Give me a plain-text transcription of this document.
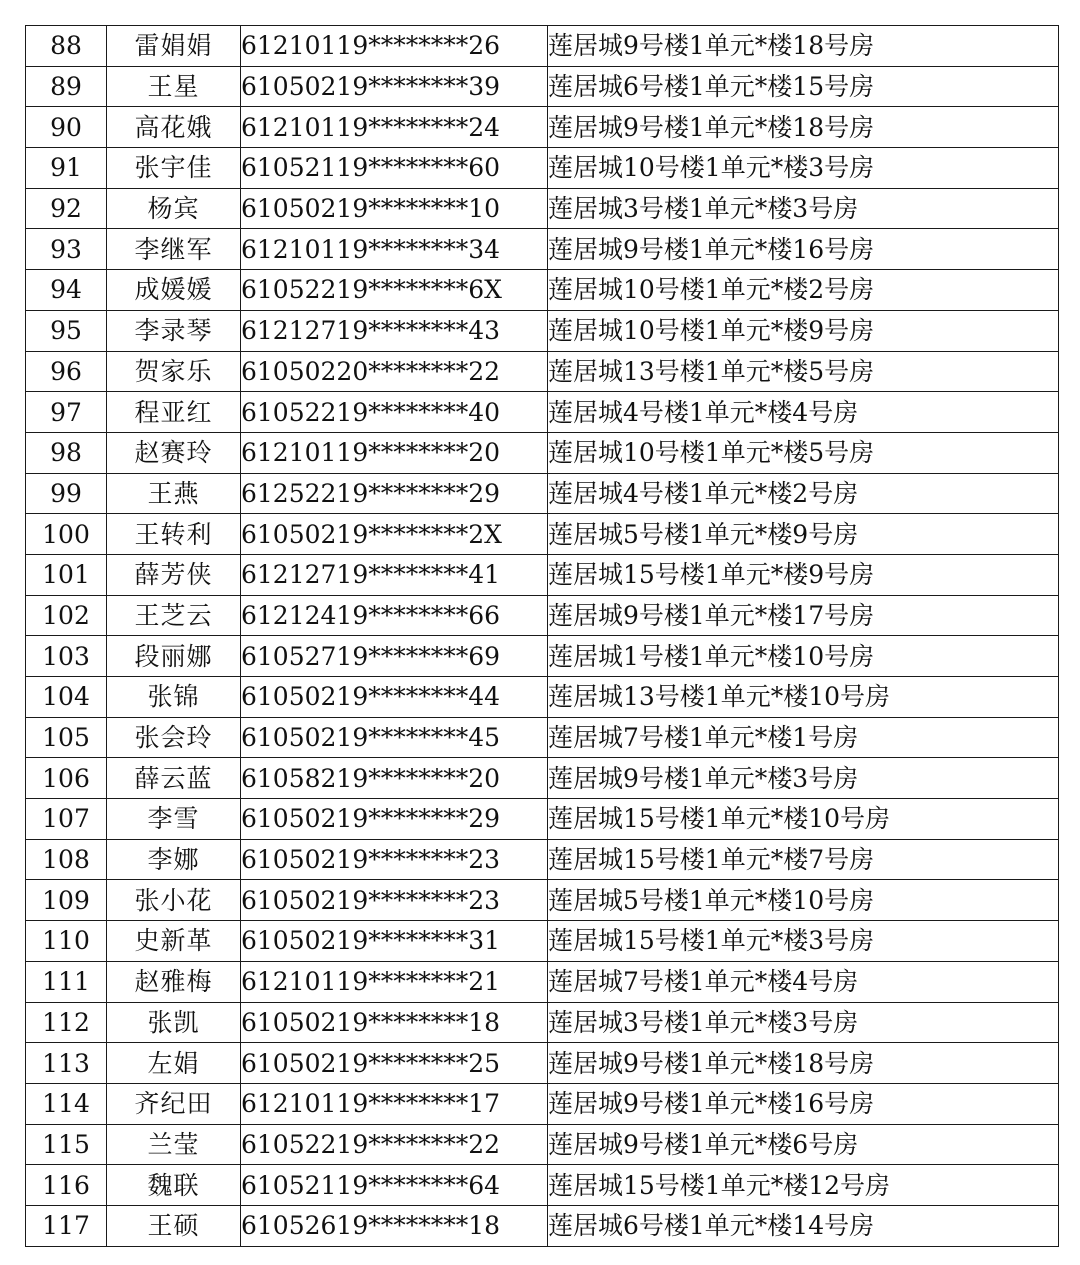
88	雷娟娟	61210119********26	莲居城9号楼1单元*楼18号房
89	王星	61050219********39	莲居城6号楼1单元*楼15号房
90	高花娥	61210119********24	莲居城9号楼1单元*楼18号房
91	张宇佳	61052119********60	莲居城10号楼1单元*楼3号房
92	杨宾	61050219********10	莲居城3号楼1单元*楼3号房
93	李继军	61210119********34	莲居城9号楼1单元*楼16号房
94	成媛媛	61052219********6X	莲居城10号楼1单元*楼2号房
95	李录琴	61212719********43	莲居城10号楼1单元*楼9号房
96	贺家乐	61050220********22	莲居城13号楼1单元*楼5号房
97	程亚红	61052219********40	莲居城4号楼1单元*楼4号房
98	赵赛玲	61210119********20	莲居城10号楼1单元*楼5号房
99	王燕	61252219********29	莲居城4号楼1单元*楼2号房
100	王转利	61050219********2X	莲居城5号楼1单元*楼9号房
101	薛芳侠	61212719********41	莲居城15号楼1单元*楼9号房
102	王芝云	61212419********66	莲居城9号楼1单元*楼17号房
103	段丽娜	61052719********69	莲居城1号楼1单元*楼10号房
104	张锦	61050219********44	莲居城13号楼1单元*楼10号房
105	张会玲	61050219********45	莲居城7号楼1单元*楼1号房
106	薛云蓝	61058219********20	莲居城9号楼1单元*楼3号房
107	李雪	61050219********29	莲居城15号楼1单元*楼10号房
108	李娜	61050219********23	莲居城15号楼1单元*楼7号房
109	张小花	61050219********23	莲居城5号楼1单元*楼10号房
110	史新革	61050219********31	莲居城15号楼1单元*楼3号房
111	赵雅梅	61210119********21	莲居城7号楼1单元*楼4号房
112	张凯	61050219********18	莲居城3号楼1单元*楼3号房
113	左娟	61050219********25	莲居城9号楼1单元*楼18号房
114	齐纪田	61210119********17	莲居城9号楼1单元*楼16号房
115	兰莹	61052219********22	莲居城9号楼1单元*楼6号房
116	魏联	61052119********64	莲居城15号楼1单元*楼12号房
117	王硕	61052619********18	莲居城6号楼1单元*楼14号房
